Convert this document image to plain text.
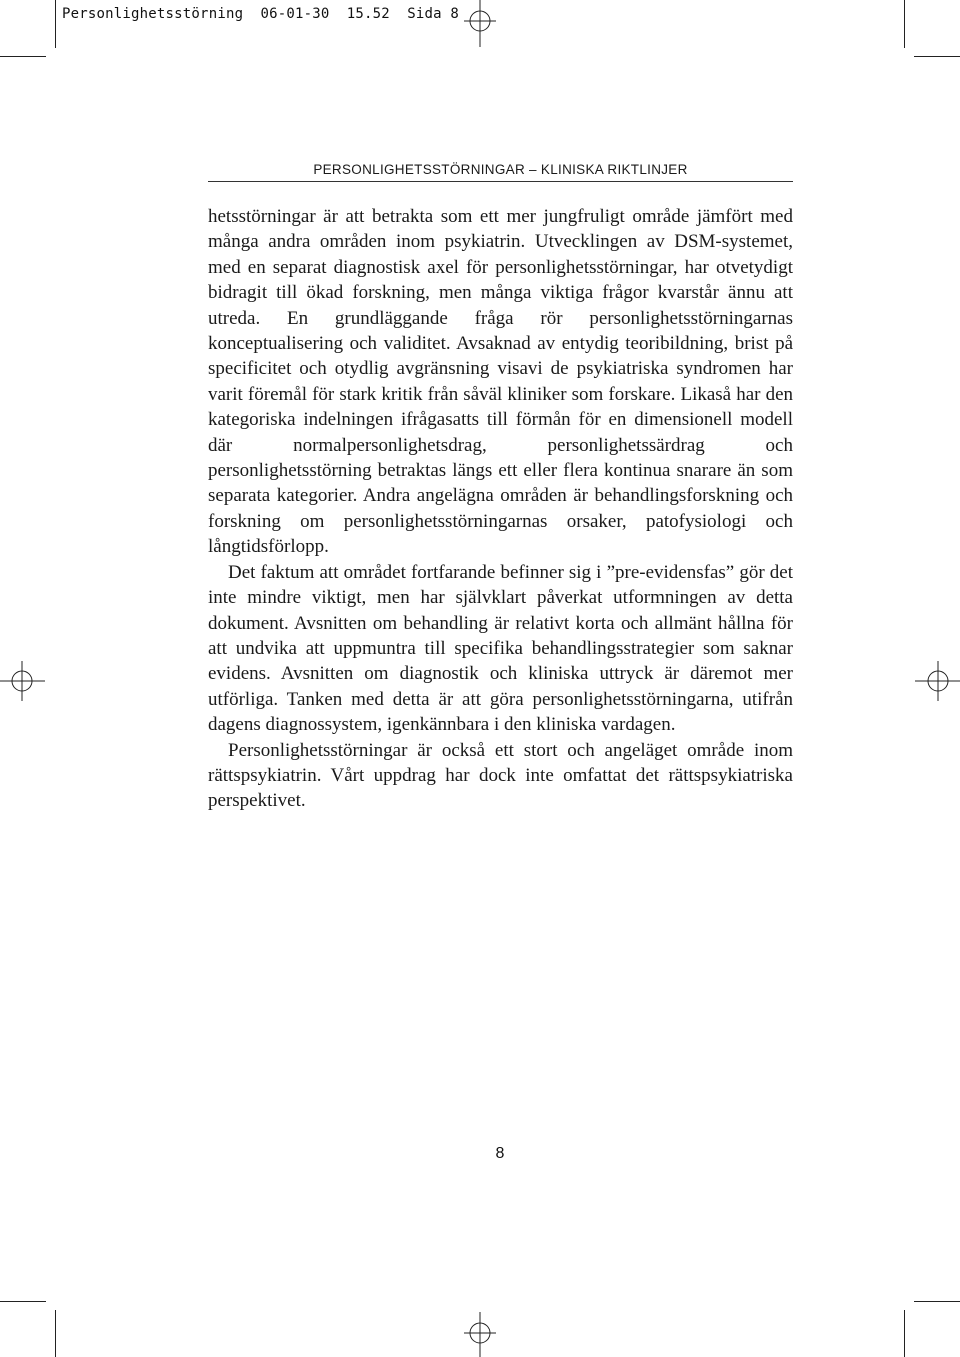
Personlighetsstörning 06-01-30 15.52 Sida 8
PERSONLIGHETSSTÖRNINGAR – KLINISKA RIKTLINJER

hetsstörningar är att betrakta som ett mer jungfruligt område jämfört med många andra områden inom psykiatrin. Utvecklingen av DSM-systemet, med en separat diagnostisk axel för personlighetsstörningar, har otvetydigt bidragit till ökad forskning, men många viktiga frågor kvarstår ännu att utreda. En grundläggande fråga rör personlighetsstörningarnas konceptualisering och validitet. Avsaknad av entydig teoribildning, brist på specificitet och otydlig avgränsning visavi de psykiatriska syndromen har varit föremål för stark kritik från såväl kliniker som forskare. Likaså har den kategoriska indelningen ifrågasatts till förmån för en dimensionell modell där normalpersonlighetsdrag, personlighetssärdrag och personlighetsstörning betraktas längs ett eller flera kontinua snarare än som separata kategorier. Andra angelägna områden är behandlingsforskning och forskning om personlighetsstörningarnas orsaker, patofysiologi och långtidsförlopp.

Det faktum att området fortfarande befinner sig i ”pre-evidensfas” gör det inte mindre viktigt, men har självklart påverkat utformningen av detta dokument. Avsnitten om behandling är relativt korta och allmänt hållna för att undvika att uppmuntra till specifika behandlingsstrategier som saknar evidens. Avsnitten om diagnostik och kliniska uttryck är däremot mer utförliga. Tanken med detta är att göra personlighetsstörningarna, utifrån dagens diagnossystem, igenkännbara i den kliniska vardagen.

Personlighetsstörningar är också ett stort och angeläget område inom rättspsykiatrin. Vårt uppdrag har dock inte omfattat det rättspsykiatriska perspektivet.

8
